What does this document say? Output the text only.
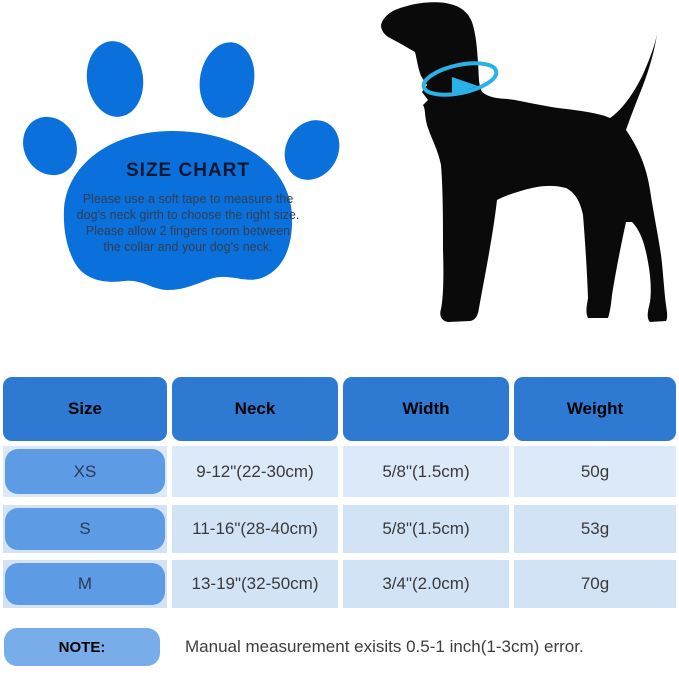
SIZE CHART
Please use a soft tape to measure the
dog's neck girth to choose the right size.
Please allow 2 fingers room between
the collar and your dog's neck.
Size	Neck	Width	Weight
XS	9-12"(22-30cm)	5/8"(1.5cm)	50g
S	11-16"(28-40cm)	5/8"(1.5cm)	53g
M	13-19"(32-50cm)	3/4"(2.0cm)	70g
NOTE:	Manual measurement exisits 0.5-1 inch(1-3cm) error.
